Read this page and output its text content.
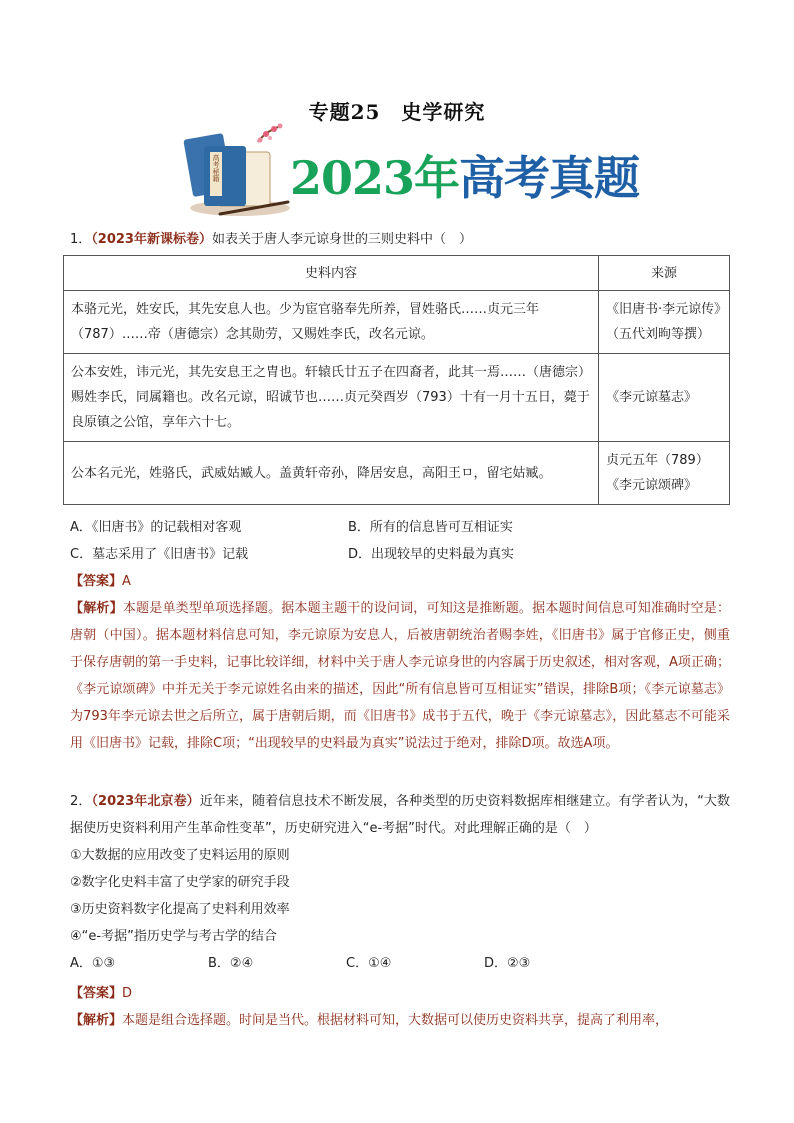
专题25　史学研究
高考秘籍 2023年高考真题
1．（2023年新课标卷）如表关于唐人李元谅身世的三则史料中（　）
史料内容	来源
本骆元光，姓安氏，其先安息人也。少为宦官骆奉先所养，冒姓骆氏……贞元三年（787）……帝（唐德宗）念其勋劳，又赐姓李氏，改名元谅。	《旧唐书·李元谅传》（五代刘昫等撰）

公本安姓，讳元光，其先安息王之胄也。轩辕氏廿五子在四裔者，此其一焉……（唐德宗）赐姓李氏，同属籍也。改名元谅，昭诚节也……贞元癸酉岁（793）十有一月十五日，薨于良原镇之公馆，享年六十七。	《李元谅墓志》
公本名元光，姓骆氏，武威姑臧人。盖黄轩帝孙，降居安息，高阳王ㅁ，留宅姑臧。	贞元五年（789）《李元谅颂碑》
A．《旧唐书》的记载相对客观	B．所有的信息皆可互相证实
C．墓志采用了《旧唐书》记载	D．出现较早的史料最为真实
【答案】A
【解析】本题是单类型单项选择题。据本题主题干的设问词，可知这是推断题。据本题时间信息可知准确时空是：唐朝（中国）。据本题材料信息可知，李元谅原为安息人，后被唐朝统治者赐李姓，《旧唐书》属于官修正史，侧重于保存唐朝的第一手史料，记事比较详细，材料中关于唐人李元谅身世的内容属于历史叙述，相对客观，A项正确；《李元谅颂碑》中并无关于李元谅姓名由来的描述，因此“所有信息皆可互相证实”错误，排除B项；《李元谅墓志》为793年李元谅去世之后所立，属于唐朝后期，而《旧唐书》成书于五代，晚于《李元谅墓志》，因此墓志不可能采用《旧唐书》记载，排除C项；“出现较早的史料最为真实”说法过于绝对，排除D项。故选A项。
2．（2023年北京卷）近年来，随着信息技术不断发展，各种类型的历史资料数据库相继建立。有学者认为，“大数据使历史资料利用产生革命性变革”，历史研究进入“e-考据”时代。对此理解正确的是（　）
①大数据的应用改变了史料运用的原则
②数字化史料丰富了史学家的研究手段
③历史资料数字化提高了史料利用效率
④“e-考据”指历史学与考古学的结合
A．①③	B．②④	C．①④	D．②③
【答案】D
【解析】本题是组合选择题。时间是当代。根据材料可知，大数据可以使历史资料共享，提高了利用率，
